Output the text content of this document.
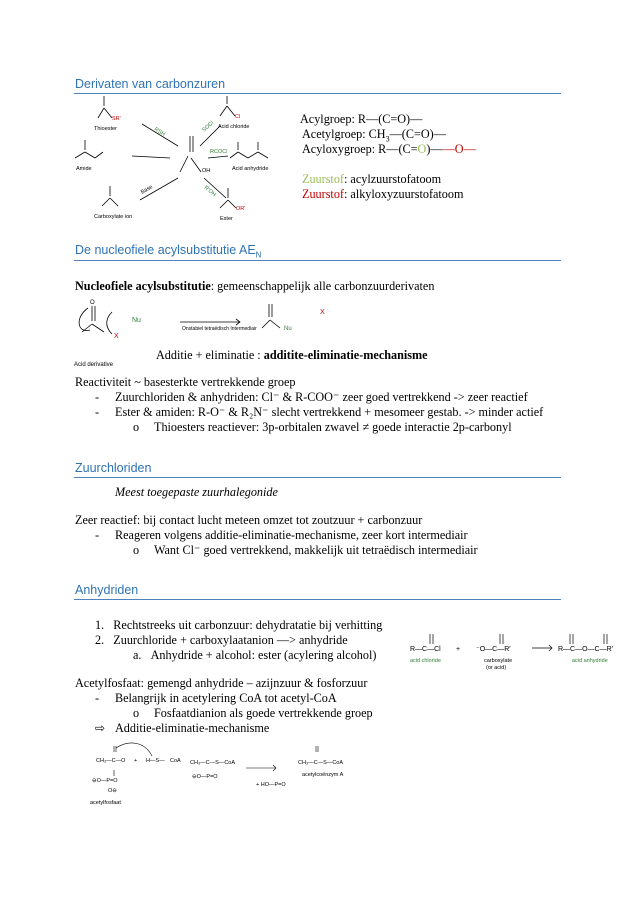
Derivaten van carbonzuren
Thioester	Acid chloride
Amide	Acid anhydride
Carboxylate ion	Ester
OH
SR'	Cl
OR'
RSH	SOCl
RCOCl
R'OH
Base
Acylgroep: R—(C=O)—
Acetylgroep: $CH_3—(C=O)—$
Acyloxygroep: R—(C=O)——O—
Zuurstof: acylzuurstofatoom
Zuurstof: alkyloxyzuurstofatoom
De nucleofiele acylsubstitutie $AE_N$
Nucleofiele acylsubstitutie: gemeenschappelijk alle carbonzuurderivaten
O
Nu
X
Acid derivative
Onstabiel tetraëdisch Intermediair	Nu
X
Additie + eliminatie : additite-eliminatie-mechanisme
Reactiviteit ~ basesterkte vertrekkende groep
- Zuurchloriden & anhydriden: Cl⁻ & R-COO⁻ zeer goed vertrekkend -> zeer reactief
- Ester & amiden: R-O⁻ & R₂N⁻ slecht vertrekkend + mesomeer gestab. -> minder actief
o Thioesters reactiever: 3p-orbitalen zwavel ≠ goede interactie 2p-carbonyl
Zuurchloriden
Meest toegepaste zuurhalegonide
Zeer reactief: bij contact lucht meteen omzet tot zoutzuur + carbonzuur
- Reageren volgens additie-eliminatie-mechanisme, zeer kort intermediair
o Want Cl⁻ goed vertrekkend, makkelijk uit tetraëdisch intermediair
Anhydriden
1.   Rechtstreeks uit carbonzuur: dehydratatie bij verhitting
2.   Zuurchloride + carboxylaatanion —> anhydride
a.   Anhydride + alcohol: ester (acylering alcohol)	R—C—Cl + ⁻O—C—R′	R—C—O—C—R′
acid chloride	carboxylate
(or acid)
acid anhydride
Acetylfosfaat: gemengd anhydride – azijnzuur & fosforzuur
- Belangrijk in acetylering CoA tot acetyl-CoA
o Fosfaatdianion als goede vertrekkende groep
⇨ Additie-eliminatie-mechanisme
CH₃—C—O
⊖O—P=O
O⊖
+ H—S— CoA CH₃—C—S—CoA
⊖O—P=O
+ HO—P=O
CH₃—C—S—CoA
acetylfosfaat
acetylcoënzym A
